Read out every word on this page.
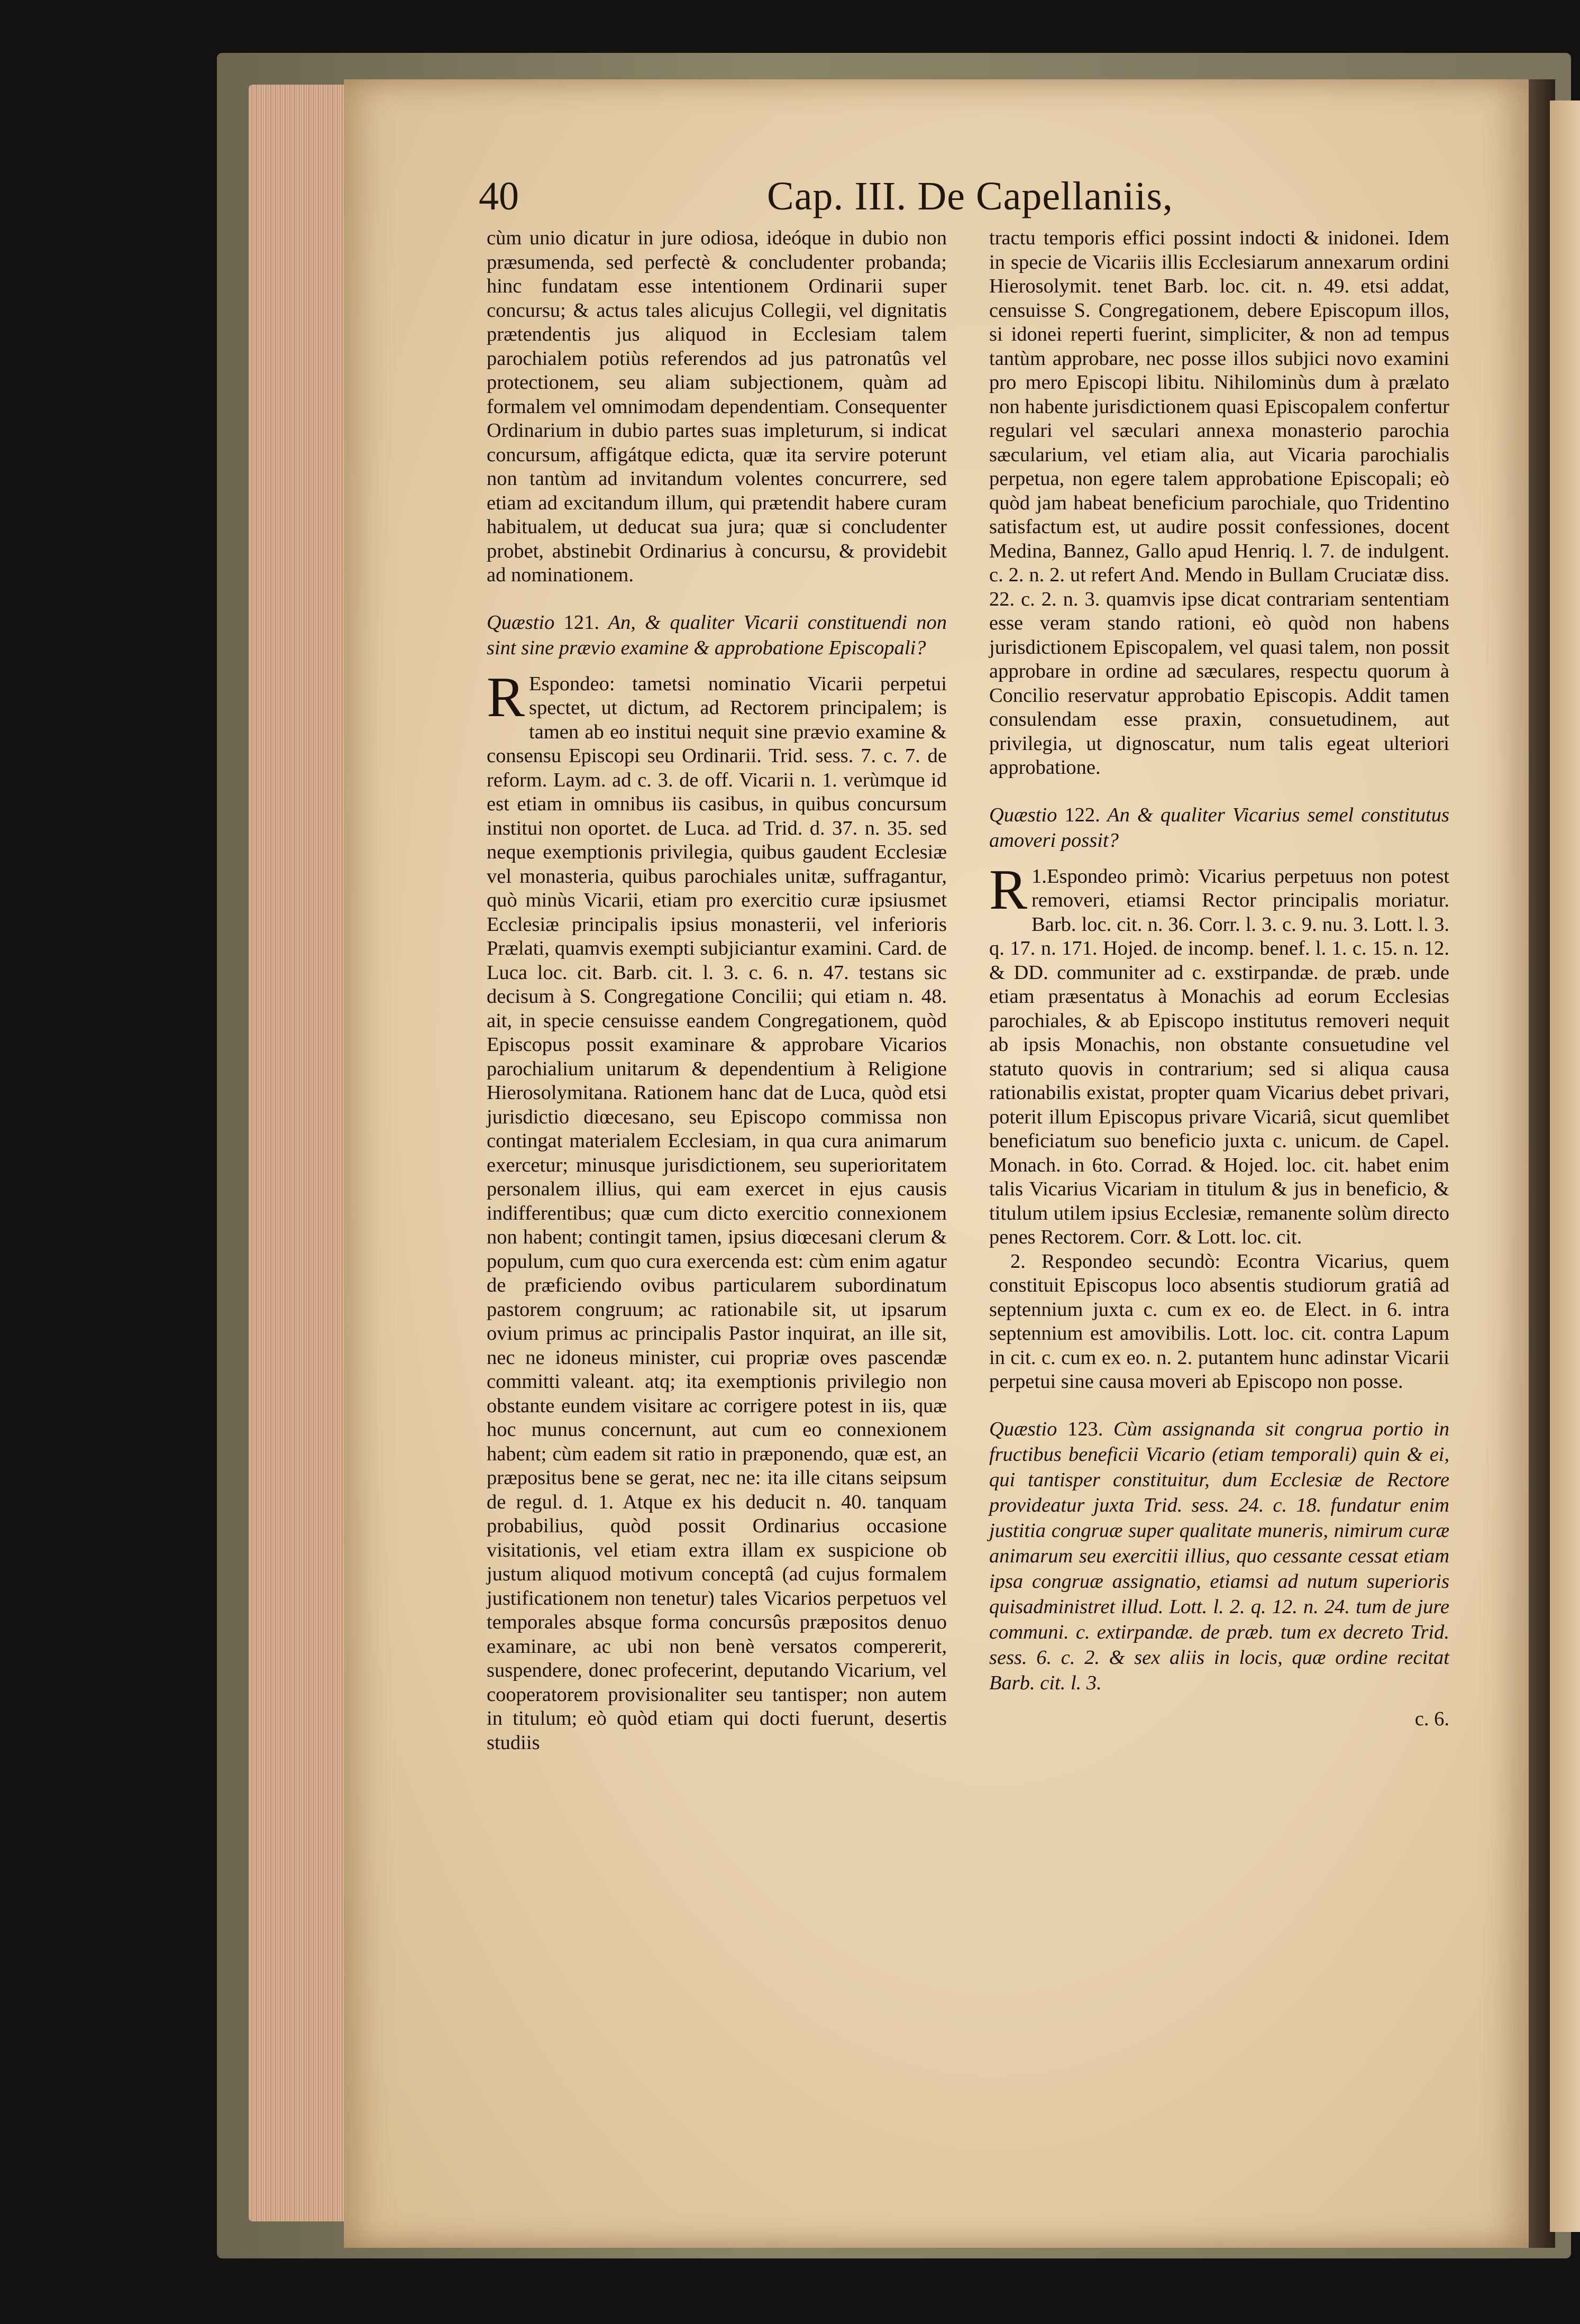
40	Cap. III. De Capellaniis,

cùm unio dicatur in jure odiosa, ideóque in dubio non præsumenda, sed perfectè & concludenter probanda; hinc fundatam esse intentionem Ordinarii super concursu; & actus tales alicujus Collegii, vel dignitatis prætendentis jus aliquod in Ecclesiam talem parochialem potiùs referendos ad jus patronatûs vel protectionem, seu aliam subjectionem, quàm ad formalem vel omnimodam dependentiam. Consequenter Ordinarium in dubio partes suas impleturum, si indicat concursum, affigátque edicta, quæ ita servire poterunt non tantùm ad invitandum volentes concurrere, sed etiam ad excitandum illum, qui prætendit habere curam habitualem, ut deducat sua jura; quæ si concludenter probet, abstinebit Ordinarius à concursu, & providebit ad nominationem.

Quæstio 121. An, & qualiter Vicarii constituendi non sint sine prævio examine & approbatione Episcopali?

R Espondeo: tametsi nominatio Vicarii perpetui spectet, ut dictum, ad Rectorem principalem; is tamen ab eo institui nequit sine prævio examine & consensu Episcopi seu Ordinarii. Trid. sess. 7. c. 7. de reform. Laym. ad c. 3. de off. Vicarii n. 1. verùmque id est etiam in omnibus iis casibus, in quibus concursum institui non oportet. de Luca. ad Trid. d. 37. n. 35. sed neque exemptionis privilegia, quibus gaudent Ecclesiæ vel monasteria, quibus parochiales unitæ, suffragantur, quò minùs Vicarii, etiam pro exercitio curæ ipsiusmet Ecclesiæ principalis ipsius monasterii, vel inferioris Prælati, quamvis exempti subjiciantur examini. Card. de Luca loc. cit. Barb. cit. l. 3. c. 6. n. 47. testans sic decisum à S. Congregatione Concilii; qui etiam n. 48. ait, in specie censuisse eandem Congregationem, quòd Episcopus possit examinare & approbare Vicarios parochialium unitarum & dependentium à Religione Hierosolymitana. Rationem hanc dat de Luca, quòd etsi jurisdictio diœcesano, seu Episcopo commissa non contingat materialem Ecclesiam, in qua cura animarum exercetur; minusque jurisdictionem, seu superioritatem personalem illius, qui eam exercet in ejus causis indifferentibus; quæ cum dicto exercitio connexionem non habent; contingit tamen, ipsius diœcesani clerum & populum, cum quo cura exercenda est: cùm enim agatur de præficiendo ovibus particularem subordinatum pastorem congruum; ac rationabile sit, ut ipsarum ovium primus ac principalis Pastor inquirat, an ille sit, nec ne idoneus minister, cui propriæ oves pascendæ committi valeant. atq; ita exemptionis privilegio non obstante eundem visitare ac corrigere potest in iis, quæ hoc munus concernunt, aut cum eo connexionem habent; cùm eadem sit ratio in præponendo, quæ est, an præpositus bene se gerat, nec ne: ita ille citans seipsum de regul. d. 1. Atque ex his deducit n. 40. tanquam probabilius, quòd possit Ordinarius occasione visitationis, vel etiam extra illam ex suspicione ob justum aliquod motivum conceptâ (ad cujus formalem justificationem non tenetur) tales Vicarios perpetuos vel temporales absque forma concursûs præpositos denuo examinare, ac ubi non benè versatos compererit, suspendere, donec profecerint, deputando Vicarium, vel cooperatorem provisionaliter seu tantisper; non autem in titulum; eò quòd etiam qui docti fuerunt, desertis studiis

tractu temporis effici possint indocti & inidonei. Idem in specie de Vicariis illis Ecclesiarum annexarum ordini Hierosolymit. tenet Barb. loc. cit. n. 49. etsi addat, censuisse S. Congregationem, debere Episcopum illos, si idonei reperti fuerint, simpliciter, & non ad tempus tantùm approbare, nec posse illos subjici novo examini pro mero Episcopi libitu. Nihilominùs dum à prælato non habente jurisdictionem quasi Episcopalem confertur regulari vel sæculari annexa monasterio parochia sæcularium, vel etiam alia, aut Vicaria parochialis perpetua, non egere talem approbatione Episcopali; eò quòd jam habeat beneficium parochiale, quo Tridentino satisfactum est, ut audire possit confessiones, docent Medina, Bannez, Gallo apud Henriq. l. 7. de indulgent. c. 2. n. 2. ut refert And. Mendo in Bullam Cruciatæ diss. 22. c. 2. n. 3. quamvis ipse dicat contrariam sententiam esse veram stando rationi, eò quòd non habens jurisdictionem Episcopalem, vel quasi talem, non possit approbare in ordine ad sæculares, respectu quorum à Concilio reservatur approbatio Episcopis. Addit tamen consulendam esse praxin, consuetudinem, aut privilegia, ut dignoscatur, num talis egeat ulteriori approbatione.

Quæstio 122. An & qualiter Vicarius semel constitutus amoveri possit?

1.
R Espondeo primò: Vicarius perpetuus non potest removeri, etiamsi Rector principalis moriatur. Barb. loc. cit. n. 36. Corr. l. 3. c. 9. nu. 3. Lott. l. 3. q. 17. n. 171. Hojed. de incomp. benef. l. 1. c. 15. n. 12. & DD. communiter ad c. exstirpandæ. de præb. unde etiam præsentatus à Monachis ad eorum Ecclesias parochiales, & ab Episcopo institutus removeri nequit ab ipsis Monachis, non obstante consuetudine vel statuto quovis in contrarium; sed si aliqua causa rationabilis existat, propter quam Vicarius debet privari, poterit illum Episcopus privare Vicariâ, sicut quemlibet beneficiatum suo beneficio juxta c. unicum. de Capel. Monach. in 6to. Corrad. & Hojed. loc. cit. habet enim talis Vicarius Vicariam in titulum & jus in beneficio, & titulum utilem ipsius Ecclesiæ, remanente solùm directo penes Rectorem. Corr. & Lott. loc. cit.

2. Respondeo secundò: Econtra Vicarius, quem constituit Episcopus loco absentis studiorum gratiâ ad septennium juxta c. cum ex eo. de Elect. in 6. intra septennium est amovibilis. Lott. loc. cit. contra Lapum in cit. c. cum ex eo. n. 2. putantem hunc adinstar Vicarii perpetui sine causa moveri ab Episcopo non posse.

Quæstio 123. Cùm assignanda sit congrua portio in fructibus beneficii Vicario (etiam temporali) quin & ei, qui tantisper constituitur, dum Ecclesiæ de Rectore provideatur juxta Trid. sess. 24. c. 18. fundatur enim justitia congruæ super qualitate muneris, nimirum curæ animarum seu exercitii illius, quo cessante cessat etiam ipsa congruæ assignatio, etiamsi ad nutum superioris quisadministret illud. Lott. l. 2. q. 12. n. 24. tum de jure communi. c. extirpandæ. de præb. tum ex decreto Trid. sess. 6. c. 2. & sex aliis in locis, quæ ordine recitat Barb. cit. l. 3.

c. 6.
